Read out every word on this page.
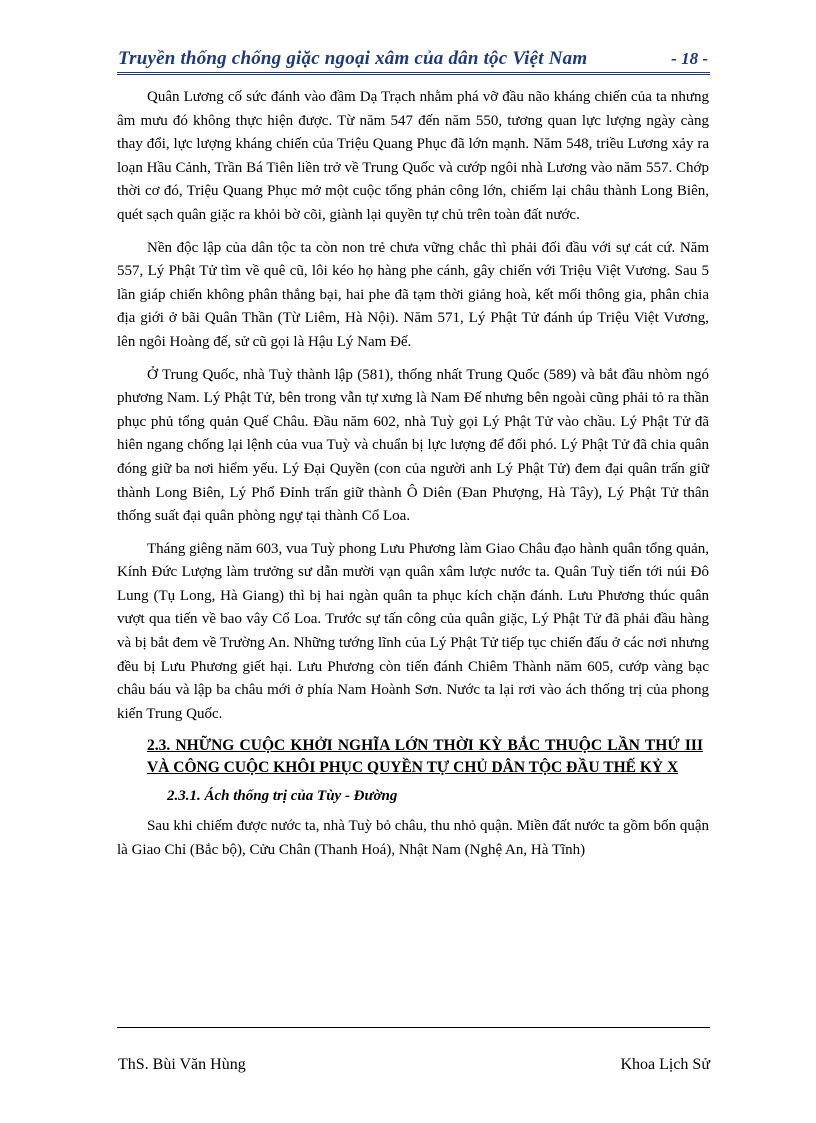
Truyền thống chống giặc ngoại xâm của dân tộc Việt Nam	- 18 -

Quân Lương cố sức đánh vào đầm Dạ Trạch nhằm phá vỡ đầu não kháng chiến của ta nhưng âm mưu đó không thực hiện được. Từ năm 547 đến năm 550, tương quan lực lượng ngày càng thay đổi, lực lượng kháng chiến của Triệu Quang Phục đã lớn mạnh. Năm 548, triều Lương xảy ra loạn Hầu Cảnh, Trần Bá Tiên liền trở về Trung Quốc và cướp ngôi nhà Lương vào năm 557. Chớp thời cơ đó, Triệu Quang Phục mở một cuộc tổng phản công lớn, chiếm lại châu thành Long Biên, quét sạch quân giặc ra khỏi bờ cõi, giành lại quyền tự chủ trên toàn đất nước.

Nền độc lập của dân tộc ta còn non trẻ chưa vững chắc thì phải đối đầu với sự cát cứ. Năm 557, Lý Phật Tử tìm về quê cũ, lôi kéo họ hàng phe cánh, gây chiến với Triệu Việt Vương. Sau 5 lần giáp chiến không phân thắng bại, hai phe đã tạm thời giảng hoà, kết mối thông gia, phân chia địa giới ở bãi Quân Thần (Từ Liêm, Hà Nội). Năm 571, Lý Phật Tử đánh úp Triệu Việt Vương, lên ngôi Hoàng đế, sử cũ gọi là Hậu Lý Nam Đế.

Ở Trung Quốc, nhà Tuỳ thành lập (581), thống nhất Trung Quốc (589) và bắt đầu nhòm ngó phương Nam. Lý Phật Tử, bên trong vẫn tự xưng là Nam Đế nhưng bên ngoài cũng phải tỏ ra thần phục phủ tổng quản Quế Châu. Đầu năm 602, nhà Tuỳ gọi Lý Phật Tử vào chầu. Lý Phật Tử đã hiên ngang chống lại lệnh của vua Tuỳ và chuẩn bị lực lượng để đối phó. Lý Phật Tử đã chia quân đóng giữ ba nơi hiểm yếu. Lý Đại Quyền (con của người anh Lý Phật Tử) đem đại quân trấn giữ thành Long Biên, Lý Phổ Đỉnh trấn giữ thành Ô Diên (Đan Phượng, Hà Tây), Lý Phật Tử thân thống suất đại quân phòng ngự tại thành Cổ Loa.

Tháng giêng năm 603, vua Tuỳ phong Lưu Phương làm Giao Châu đạo hành quân tổng quản, Kính Đức Lượng làm trưởng sư dẫn mười vạn quân xâm lược nước ta. Quân Tuỳ tiến tới núi Đô Lung (Tụ Long, Hà Giang) thì bị hai ngàn quân ta phục kích chặn đánh. Lưu Phương thúc quân vượt qua tiến về bao vây Cổ Loa. Trước sự tấn công của quân giặc, Lý Phật Tử đã phải đầu hàng và bị bắt đem về Trường An. Những tướng lĩnh của Lý Phật Tử tiếp tục chiến đấu ở các nơi nhưng đều bị Lưu Phương giết hại. Lưu Phương còn tiến đánh Chiêm Thành năm 605, cướp vàng bạc châu báu và lập ba châu mới ở phía Nam Hoành Sơn. Nước ta lại rơi vào ách thống trị của phong kiến Trung Quốc.

2.3. NHỮNG CUỘC KHỞI NGHĨA LỚN THỜI KỲ BẮC THUỘC LẦN THỨ III VÀ CÔNG CUỘC KHÔI PHỤC QUYỀN TỰ CHỦ DÂN TỘC ĐẦU THẾ KỶ X
2.3.1. Ách thống trị của Tùy - Đường

Sau khi chiếm được nước ta, nhà Tuỳ bỏ châu, thu nhỏ quận. Miền đất nước ta gồm bốn quận là Giao Chỉ (Bắc bộ), Cửu Chân (Thanh Hoá), Nhật Nam (Nghệ An, Hà Tĩnh)

ThS. Bùi Văn Hùng	Khoa Lịch Sử
